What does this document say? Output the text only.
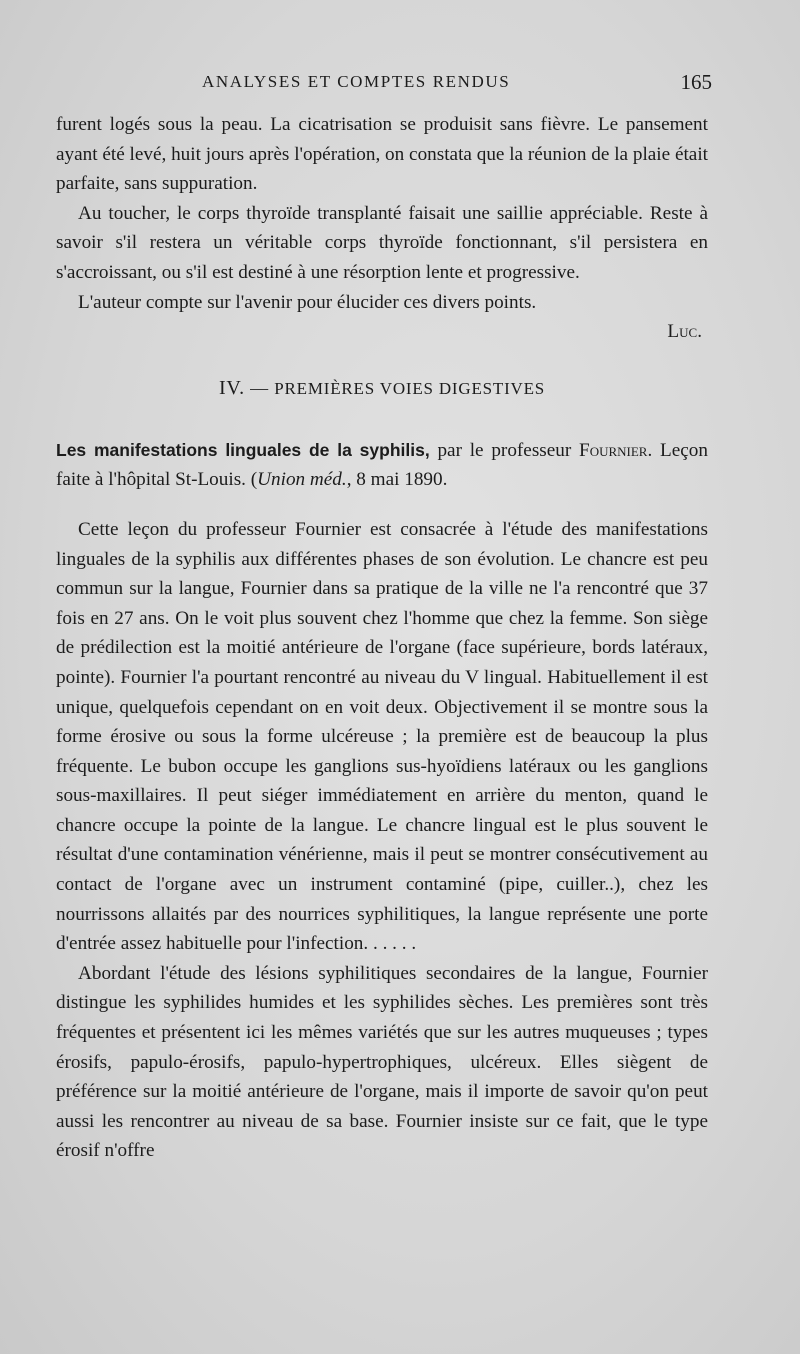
ANALYSES ET COMPTES RENDUS	165

furent logés sous la peau. La cicatrisation se produisit sans fièvre. Le pansement ayant été levé, huit jours après l'opération, on constata que la réunion de la plaie était parfaite, sans suppuration.

Au toucher, le corps thyroïde transplanté faisait une saillie appréciable. Reste à savoir s'il restera un véritable corps thyroïde fonctionnant, s'il persistera en s'accroissant, ou s'il est destiné à une résorption lente et progressive.

L'auteur compte sur l'avenir pour élucider ces divers points.

Luc.

IV. — PREMIÈRES VOIES DIGESTIVES

Les manifestations linguales de la syphilis, par le professeur Fournier. Leçon faite à l'hôpital St-Louis. (Union méd., 8 mai 1890.

Cette leçon du professeur Fournier est consacrée à l'étude des manifestations linguales de la syphilis aux différentes phases de son évolution. Le chancre est peu commun sur la langue, Fournier dans sa pratique de la ville ne l'a rencontré que 37 fois en 27 ans. On le voit plus souvent chez l'homme que chez la femme. Son siège de prédilection est la moitié antérieure de l'organe (face supérieure, bords latéraux, pointe). Fournier l'a pourtant rencontré au niveau du V lingual. Habituellement il est unique, quelquefois cependant on en voit deux. Objectivement il se montre sous la forme érosive ou sous la forme ulcéreuse ; la première est de beaucoup la plus fréquente. Le bubon occupe les ganglions sus-hyoïdiens latéraux ou les ganglions sous-maxillaires. Il peut siéger immédiatement en arrière du menton, quand le chancre occupe la pointe de la langue. Le chancre lingual est le plus souvent le résultat d'une contamination vénérienne, mais il peut se montrer consécutivement au contact de l'organe avec un instrument contaminé (pipe, cuiller..), chez les nourrissons allaités par des nourrices syphilitiques, la langue représente une porte d'entrée assez habituelle pour l'infection. . . . . .

Abordant l'étude des lésions syphilitiques secondaires de la langue, Fournier distingue les syphilides humides et les syphilides sèches. Les premières sont très fréquentes et présentent ici les mêmes variétés que sur les autres muqueuses ; types érosifs, papulo-érosifs, papulo-hypertrophiques, ulcéreux. Elles siègent de préférence sur la moitié antérieure de l'organe, mais il importe de savoir qu'on peut aussi les rencontrer au niveau de sa base. Fournier insiste sur ce fait, que le type érosif n'offre
